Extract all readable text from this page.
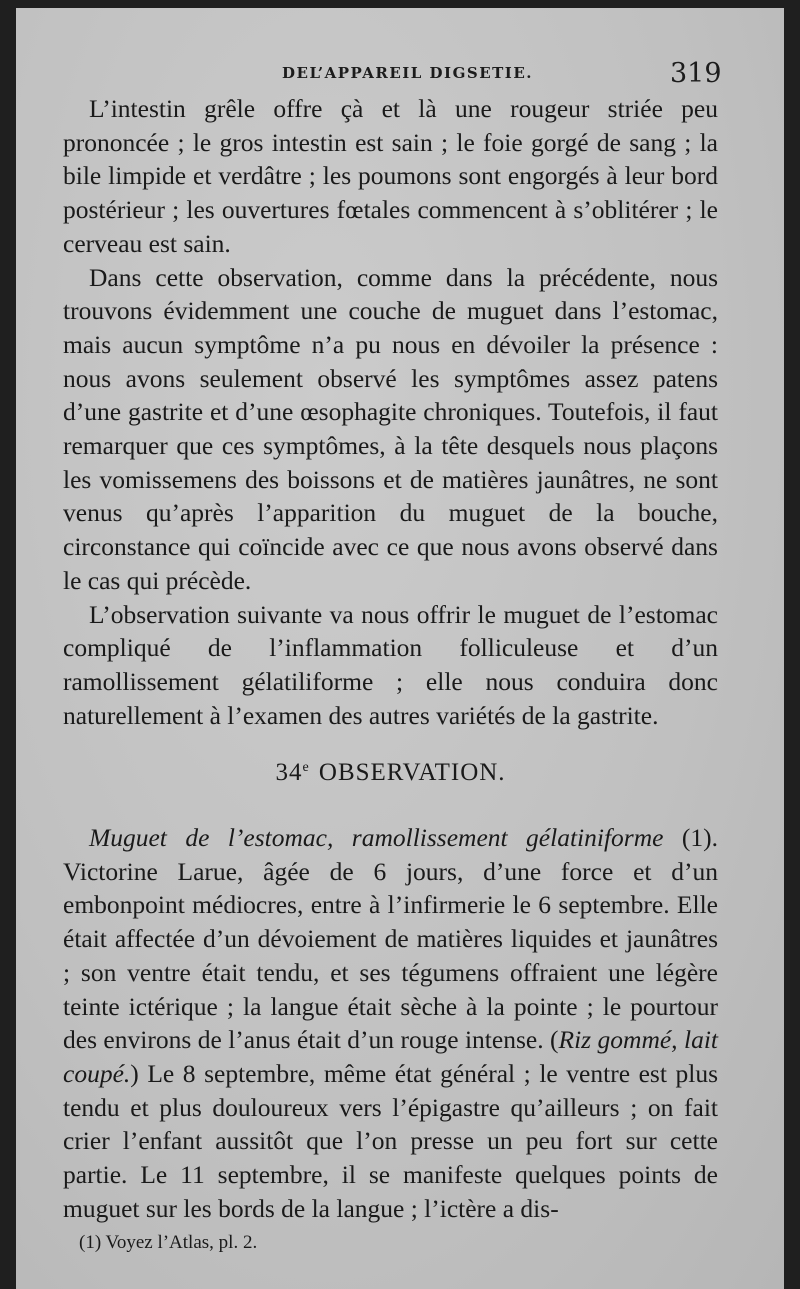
DEL’APPAREIL DIGSETIE.	319

L’intestin grêle offre çà et là une rougeur striée peu prononcée ; le gros intestin est sain ; le foie gorgé de sang ; la bile limpide et verdâtre ; les poumons sont engorgés à leur bord postérieur ; les ouvertures fœtales commencent à s’oblitérer ; le cerveau est sain.

Dans cette observation, comme dans la précédente, nous trouvons évidemment une couche de muguet dans l’estomac, mais aucun symptôme n’a pu nous en dévoiler la présence : nous avons seulement observé les symptômes assez patens d’une gastrite et d’une œsophagite chroniques. Toutefois, il faut remarquer que ces symptômes, à la tête desquels nous plaçons les vomissemens des boissons et de matières jaunâtres, ne sont venus qu’après l’apparition du muguet de la bouche, circonstance qui coïncide avec ce que nous avons observé dans le cas qui précède.

L’observation suivante va nous offrir le muguet de l’estomac compliqué de l’inflammation folliculeuse et d’un ramollissement gélatiliforme ; elle nous conduira donc naturellement à l’examen des autres variétés de la gastrite.

34e OBSERVATION.

Muguet de l’estomac, ramollissement gélatiniforme (1). Victorine Larue, âgée de 6 jours, d’une force et d’un embonpoint médiocres, entre à l’infirmerie le 6 septembre. Elle était affectée d’un dévoiement de matières liquides et jaunâtres ; son ventre était tendu, et ses tégumens offraient une légère teinte ictérique ; la langue était sèche à la pointe ; le pourtour des environs de l’anus était d’un rouge intense. (Riz gommé, lait coupé.) Le 8 septembre, même état général ; le ventre est plus tendu et plus douloureux vers l’épigastre qu’ailleurs ; on fait crier l’enfant aussitôt que l’on presse un peu fort sur cette partie. Le 11 septembre, il se manifeste quelques points de muguet sur les bords de la langue ; l’ictère a dis-

(1) Voyez l’Atlas, pl. 2.
